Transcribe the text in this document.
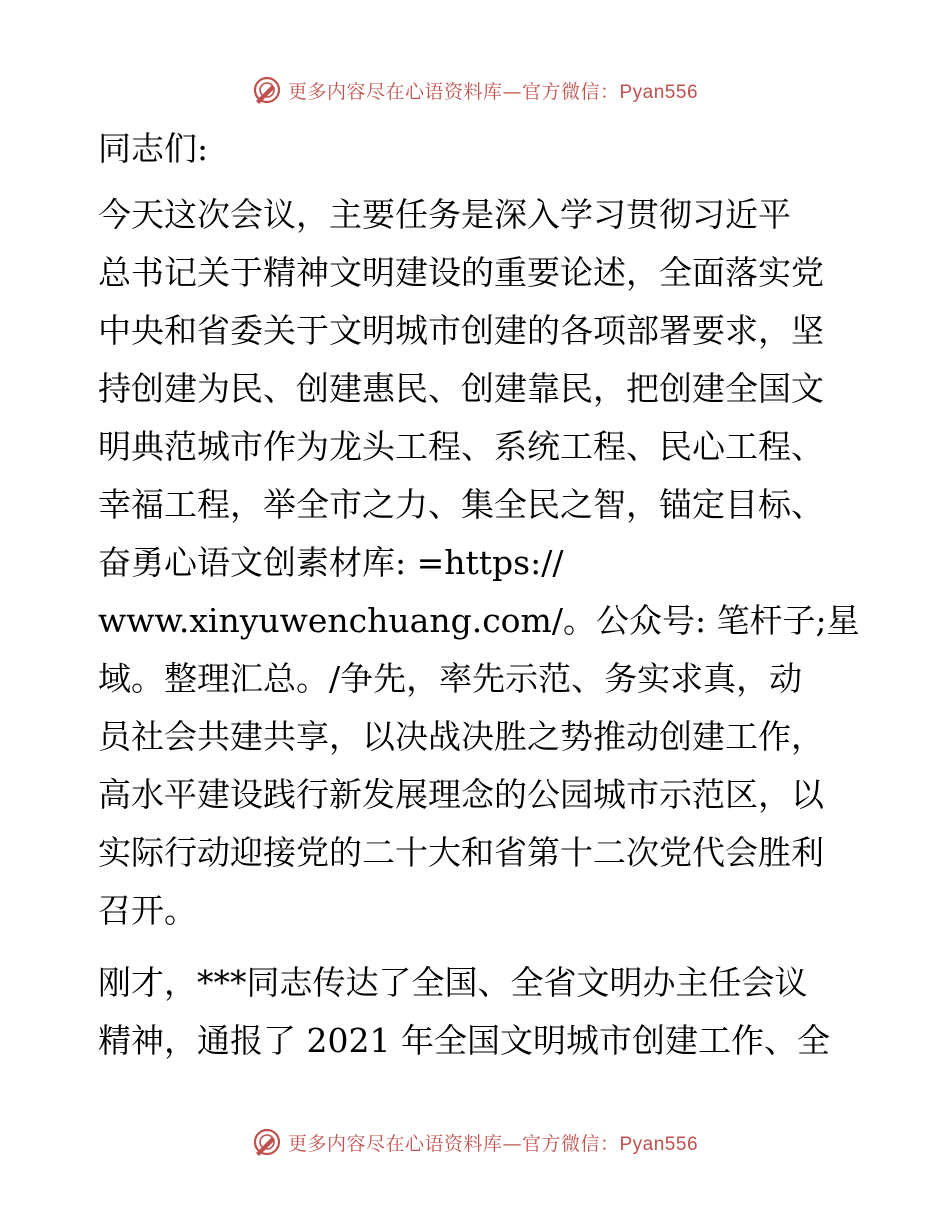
更多内容尽在心语资料库— 官方微信：Pyan556

同志们:

今天这次会议，主要任务是深入学习贯彻习近平
总书记关于精神文明建设的重要论述，全面落实党
中央和省委关于文明城市创建的各项部署要求，坚
持创建为民、创建惠民、创建靠民，把创建全国文
明典范城市作为龙头工程、系统工程、民心工程、
幸福工程，举全市之力、集全民之智，锚定目标、
奋勇心语文创素材库: =https://
www.xinyuwenchuang.com/。公众号: 笔杆子;星
域。整理汇总。/争先，率先示范、务实求真，动
员社会共建共享，以决战决胜之势推动创建工作，
高水平建设践行新发展理念的公园城市示范区，以
实际行动迎接党的二十大和省第十二次党代会胜利
召开。

刚才，***同志传达了全国、全省文明办主任会议
精神，通报了 2021 年全国文明城市创建工作、全

更多内容尽在心语资料库— 官方微信：Pyan556
